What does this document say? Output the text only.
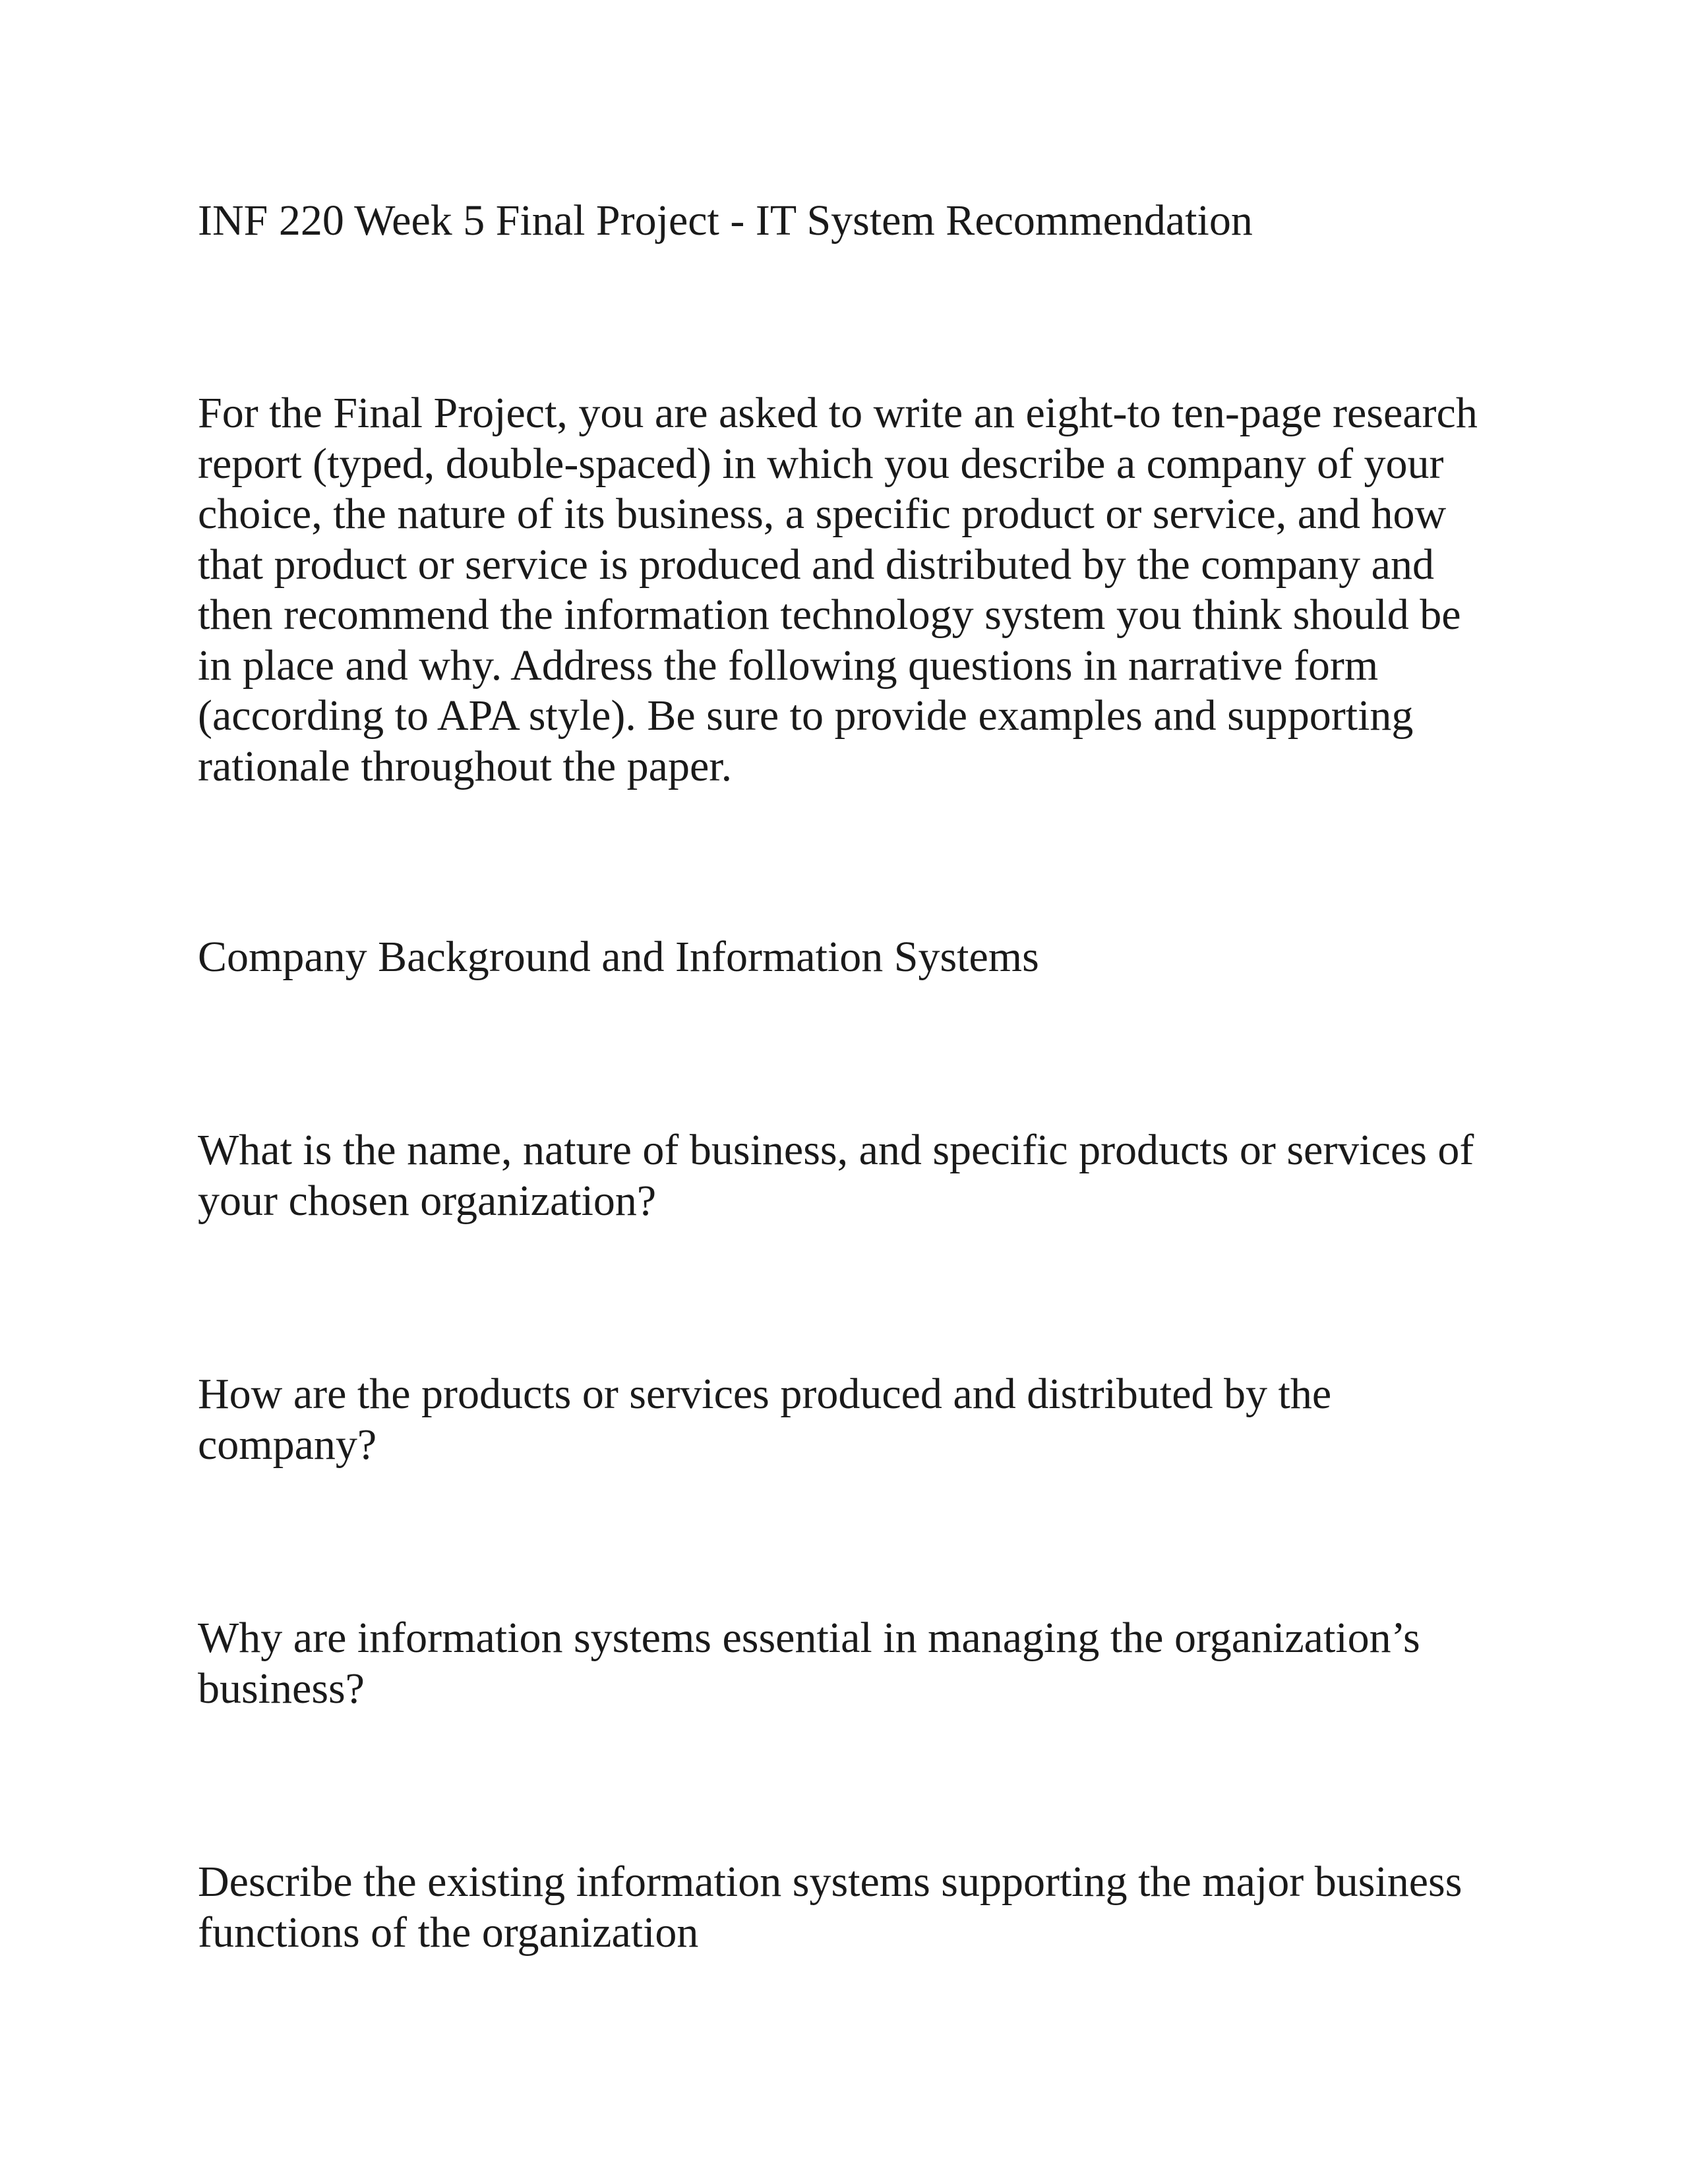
INF 220 Week 5 Final Project - IT System Recommendation

For the Final Project, you are asked to write an eight-to ten-page research report (typed, double-spaced) in which you describe a company of your choice, the nature of its business, a specific product or service, and how that product or service is produced and distributed by the company and then recommend the information technology system you think should be in place and why. Address the following questions in narrative form (according to APA style). Be sure to provide examples and supporting rationale throughout the paper.

Company Background and Information Systems

What is the name, nature of business, and specific products or services of your chosen organization?

How are the products or services produced and distributed by the company?

Why are information systems essential in managing the organization’s business?

Describe the existing information systems supporting the major business functions of the organization
